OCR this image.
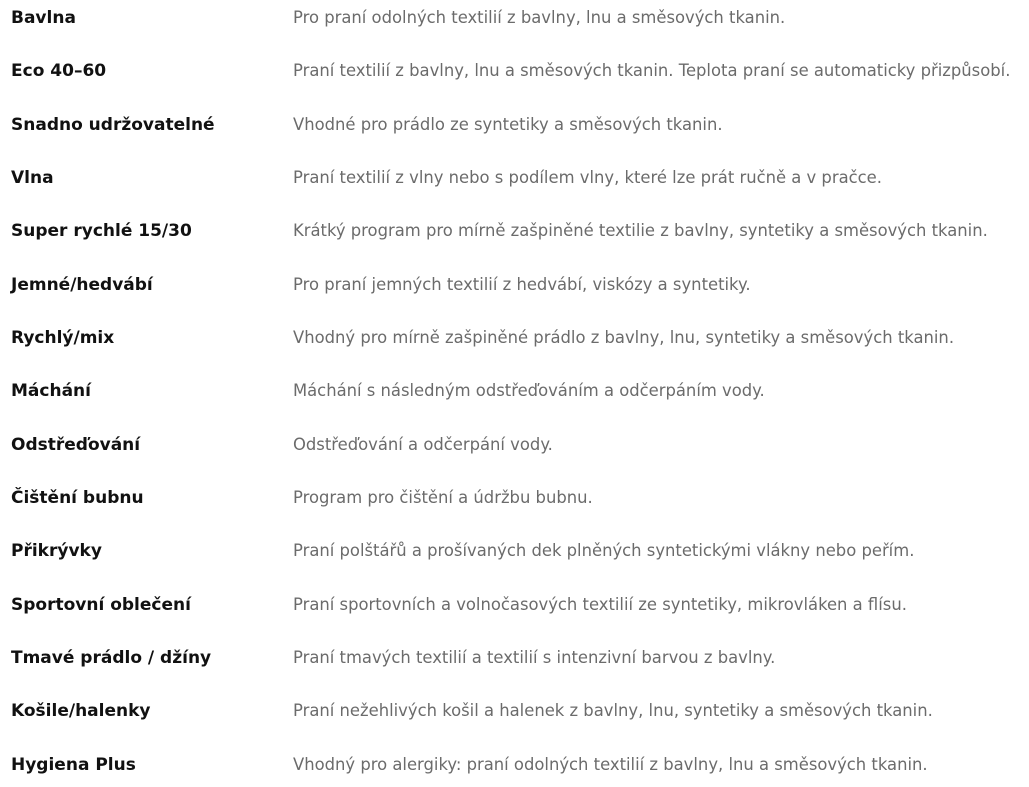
Bavlna	Pro praní odolných textilií z bavlny, lnu a směsových tkanin.
Eco 40–60	Praní textilií z bavlny, lnu a směsových tkanin. Teplota praní se automaticky přizpůsobí.
Snadno udržovatelné	Vhodné pro prádlo ze syntetiky a směsových tkanin.
Vlna	Praní textilií z vlny nebo s podílem vlny, které lze prát ručně a v pračce.
Super rychlé 15/30	Krátký program pro mírně zašpiněné textilie z bavlny, syntetiky a směsových tkanin.
Jemné/hedvábí	Pro praní jemných textilií z hedvábí, viskózy a syntetiky.
Rychlý/mix	Vhodný pro mírně zašpiněné prádlo z bavlny, lnu, syntetiky a směsových tkanin.
Máchání	Máchání s následným odstřeďováním a odčerpáním vody.
Odstřeďování	Odstřeďování a odčerpání vody.
Čištění bubnu	Program pro čištění a údržbu bubnu.
Přikrývky	Praní polštářů a prošívaných dek plněných syntetickými vlákny nebo peřím.
Sportovní oblečení	Praní sportovních a volnočasových textilií ze syntetiky, mikrovláken a flísu.
Tmavé prádlo / džíny	Praní tmavých textilií a textilií s intenzivní barvou z bavlny.
Košile/halenky	Praní nežehlivých košil a halenek z bavlny, lnu, syntetiky a směsových tkanin.
Hygiena Plus	Vhodný pro alergiky: praní odolných textilií z bavlny, lnu a směsových tkanin.
